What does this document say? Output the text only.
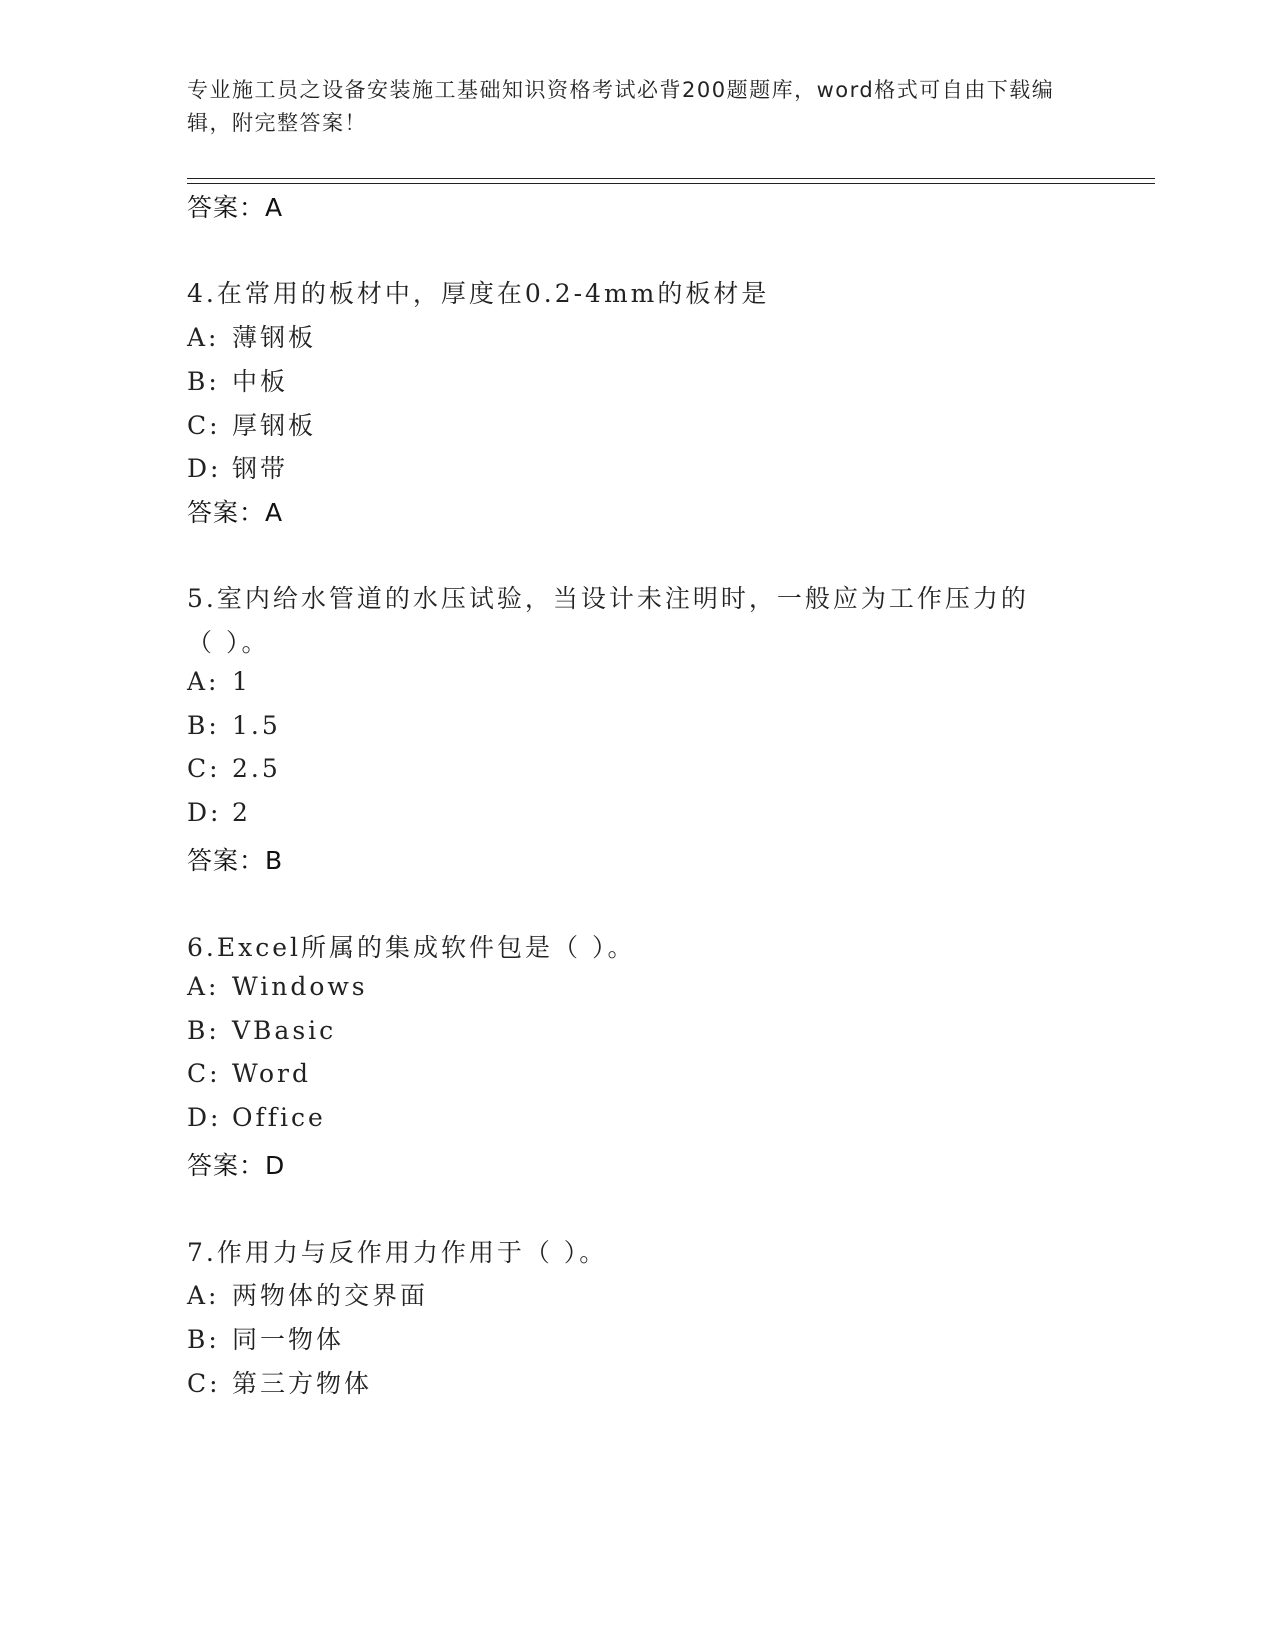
专业施工员之设备安装施工基础知识资格考试必背200题题库，word格式可自由下载编辑，附完整答案！

答案：A
4.在常用的板材中，厚度在0.2-4mm的板材是
A: 薄钢板
B: 中板
C: 厚钢板
D: 钢带
答案：A
5.室内给水管道的水压试验，当设计未注明时，一般应为工作压力的
（ ）。
A: 1
B: 1.5
C: 2.5
D: 2
答案：B
6.Excel所属的集成软件包是（ ）。
A: Windows
B: VBasic
C: Word
D: Office
答案：D
7.作用力与反作用力作用于（ ）。
A: 两物体的交界面
B: 同一物体
C: 第三方物体
